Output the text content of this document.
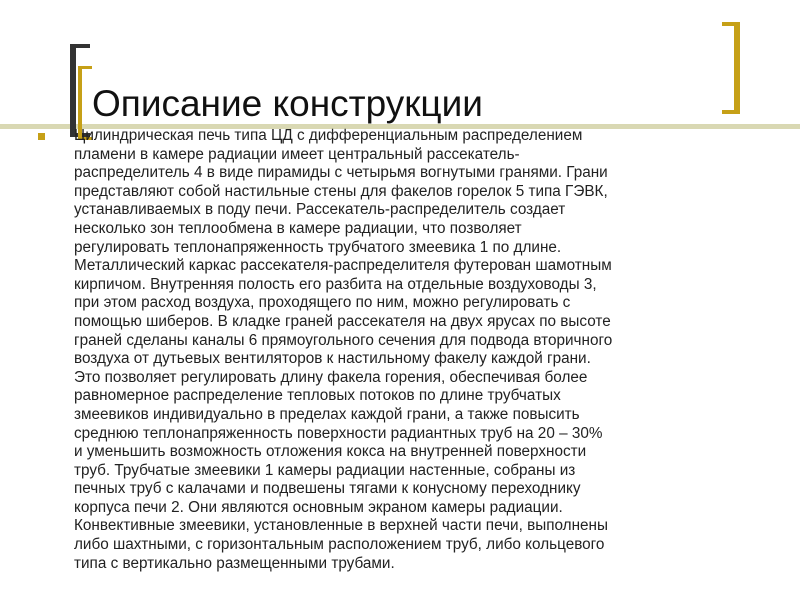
Описание конструкции

Цилиндрическая печь типа ЦД с дифференциальным распределением
пламени в камере радиации имеет центральный рассекатель-
распределитель 4 в виде пирамиды с четырьмя вогнутыми гранями. Грани
представляют собой настильные стены для факелов горелок 5 типа ГЭВК,
устанавливаемых в поду печи. Рассекатель-распределитель создает
несколько зон теплообмена в камере радиации, что позволяет
регулировать теплонапряженность трубчатого змеевика 1 по длине.
Металлический каркас рассекателя-распределителя футерован шамотным
кирпичом. Внутренняя полость его разбита на отдельные воздуховоды 3,
при этом расход воздуха, проходящего по ним, можно регулировать с
помощью шиберов. В кладке граней рассекателя на двух ярусах по высоте
граней сделаны каналы 6 прямоугольного сечения для подвода вторичного
воздуха от дутьевых вентиляторов к настильному факелу каждой грани.
Это позволяет регулировать длину факела горения, обеспечивая более
равномерное распределение тепловых потоков по длине трубчатых
змеевиков индивидуально в пределах каждой грани, а также повысить
среднюю теплонапряженность поверхности радиантных труб на 20 – 30%
и уменьшить возможность отложения кокса на внутренней поверхности
труб. Трубчатые змеевики 1 камеры радиации настенные, собраны из
печных труб с калачами и подвешены тягами к конусному переходнику
корпуса печи 2. Они являются основным экраном камеры радиации.
Конвективные змеевики, установленные в верхней части печи, выполнены
либо шахтными, с горизонтальным расположением труб, либо кольцевого
типа с вертикально размещенными трубами.
